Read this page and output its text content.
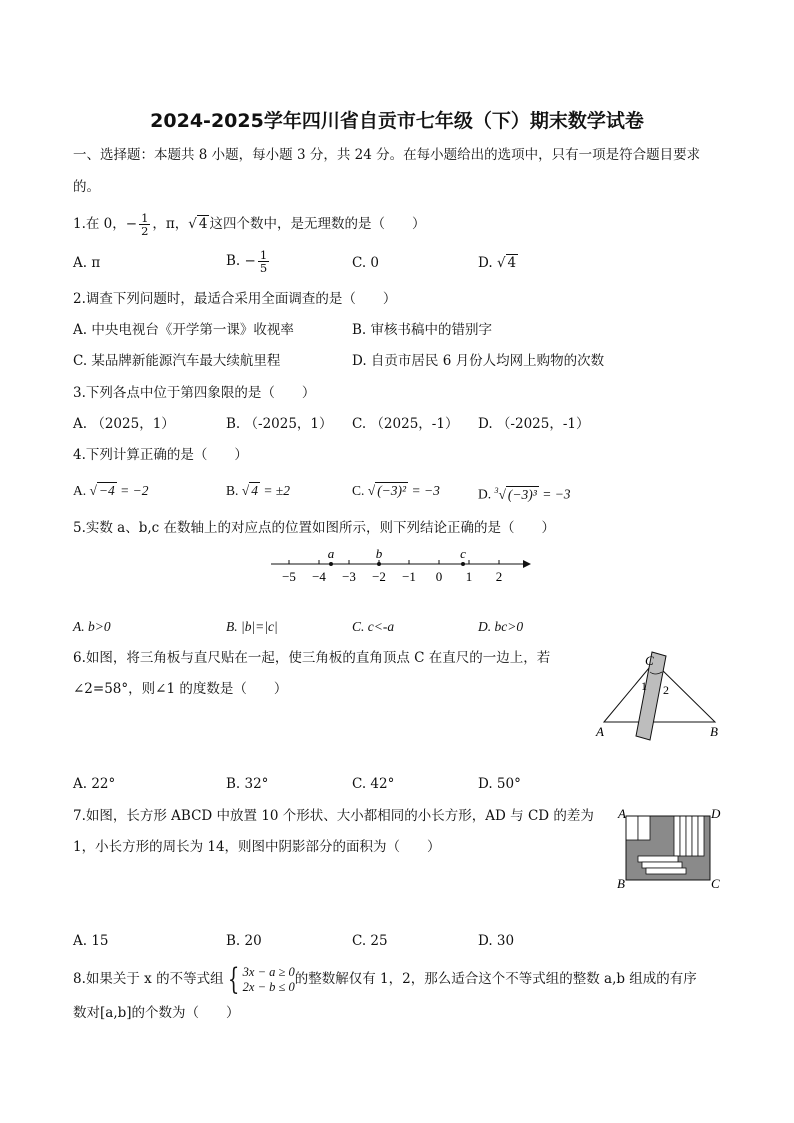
2024-2025学年四川省自贡市七年级（下）期末数学试卷
一、选择题：本题共 8 小题，每小题 3 分，共 24 分。在每小题给出的选项中，只有一项是符合题目要求
的。
1.在 0，− $\frac{1}{2}$ ，π，√ 4 这四个数中，是无理数的是（　　）
A. π	B. − $\frac{1}{5}$	C. 0	D. √ 4
2.调查下列问题时，最适合采用全面调查的是（　　）
A. 中央电视台《开学第一课》收视率	B. 审核书稿中的错别字
C. 某品牌新能源汽车最大续航里程	D. 自贡市居民 6 月份人均网上购物的次数
3.下列各点中位于第四象限的是（　　）
A. （2025，1）	B. （-2025，1） C. （2025，-1） D. （-2025，-1）
4.下列计算正确的是（　　）
A. √ −4 = −2	B. √ 4 = ±2	C. √ (−3)² = −3	D. $^3$√ (−3)³ = −3
5.实数 a、b,c 在数轴上的对应点的位置如图所示，则下列结论正确的是（　　）
−5 −4 −3 −2 −1 0 1 2
a	b	c
A. b>0	B. |b|=|c|	C. c<-a	D. bc>0
6.如图，将三角板与直尺贴在一起，使三角板的直角顶点 C 在直尺的一边上，若
∠2=58°，则∠1 的度数是（　　）
C
1 2
A	B
A. 22°	B. 32°	C. 42°	D. 50°
7.如图，长方形 ABCD 中放置 10 个形状、大小都相同的小长方形，AD 与 CD 的差为
1，小长方形的周长为 14，则图中阴影部分的面积为（　　）
A	D
B	C
A. 15	B. 20	C. 25	D. 30
8.如果关于 x 的不等式组 { 3x − a ≥ 0
2x − b ≤ 0 的整数解仅有 1，2，那么适合这个不等式组的整数 a,b 组成的有序
数对[a,b]的个数为（　　）
